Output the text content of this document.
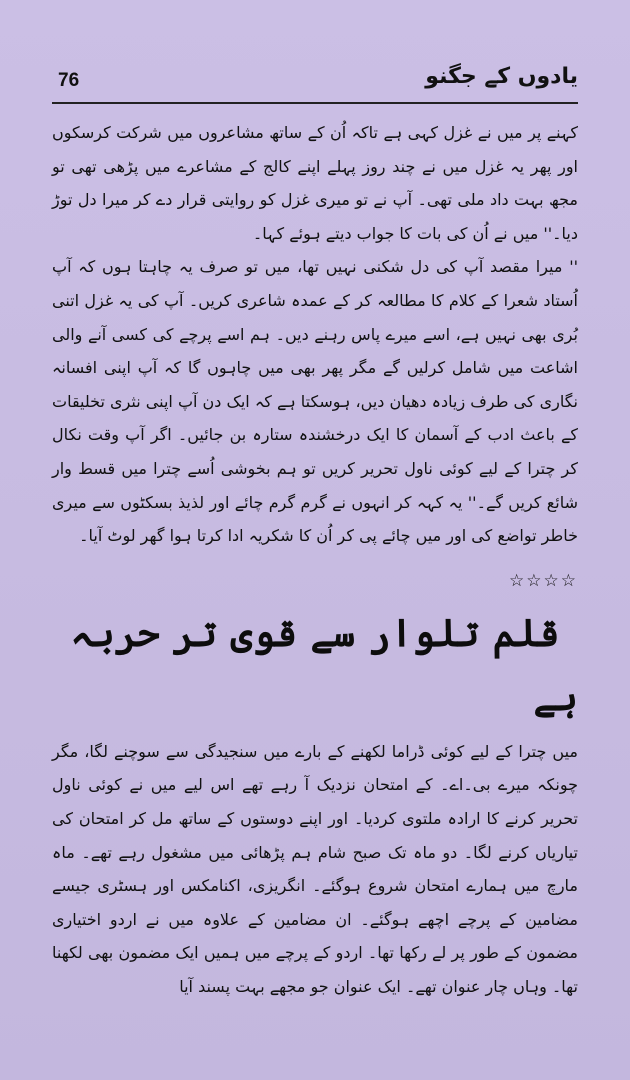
76	یادوں کے جگنو

کہنے پر میں نے غزل کہی ہے تاکہ اُن کے ساتھ مشاعروں میں شرکت کرسکوں اور پھر یہ غزل میں نے چند روز پہلے اپنے کالج کے مشاعرے میں پڑھی تھی تو مجھ بہت داد ملی تھی۔ آپ نے تو میری غزل کو روایتی قرار دے کر میرا دل توڑ دیا۔'' میں نے اُن کی بات کا جواب دیتے ہوئے کہا۔

'' میرا مقصد آپ کی دل شکنی نہیں تھا، میں تو صرف یہ چاہتا ہوں کہ آپ اُستاد شعرا کے کلام کا مطالعہ کر کے عمدہ شاعری کریں۔ آپ کی یہ غزل اتنی بُری بھی نہیں ہے، اسے میرے پاس رہنے دیں۔ ہم اسے پرچے کی کسی آنے والی اشاعت میں شامل کرلیں گے مگر پھر بھی میں چاہوں گا کہ آپ اپنی افسانہ نگاری کی طرف زیادہ دھیان دیں، ہوسکتا ہے کہ ایک دن آپ اپنی نثری تخلیقات کے باعث ادب کے آسمان کا ایک درخشندہ ستارہ بن جائیں۔ اگر آپ وقت نکال کر چترا کے لیے کوئی ناول تحریر کریں تو ہم بخوشی اُسے چترا میں قسط وار شائع کریں گے۔'' یہ کہہ کر انہوں نے گرم گرم چائے اور لذیذ بسکٹوں سے میری خاطر تواضع کی اور میں چائے پی کر اُن کا شکریہ ادا کرتا ہوا گھر لوٹ آیا۔

☆☆☆☆
قلم تلوار سے قوی تر حربہ ہے

میں چترا کے لیے کوئی ڈراما لکھنے کے بارے میں سنجیدگی سے سوچنے لگا، مگر چونکہ میرے بی۔اے۔ کے امتحان نزدیک آ رہے تھے اس لیے میں نے کوئی ناول تحریر کرنے کا ارادہ ملتوی کردیا۔ اور اپنے دوستوں کے ساتھ مل کر امتحان کی تیاریاں کرنے لگا۔ دو ماہ تک صبح شام ہم پڑھائی میں مشغول رہے تھے۔ ماہ مارچ میں ہمارے امتحان شروع ہوگئے۔ انگریزی، اکنامکس اور ہسٹری جیسے مضامین کے پرچے اچھے ہوگئے۔ ان مضامین کے علاوہ میں نے اردو اختیاری مضمون کے طور پر لے رکھا تھا۔ اردو کے پرچے میں ہمیں ایک مضمون بھی لکھنا تھا۔ وہاں چار عنوان تھے۔ ایک عنوان جو مجھے بہت پسند آیا
